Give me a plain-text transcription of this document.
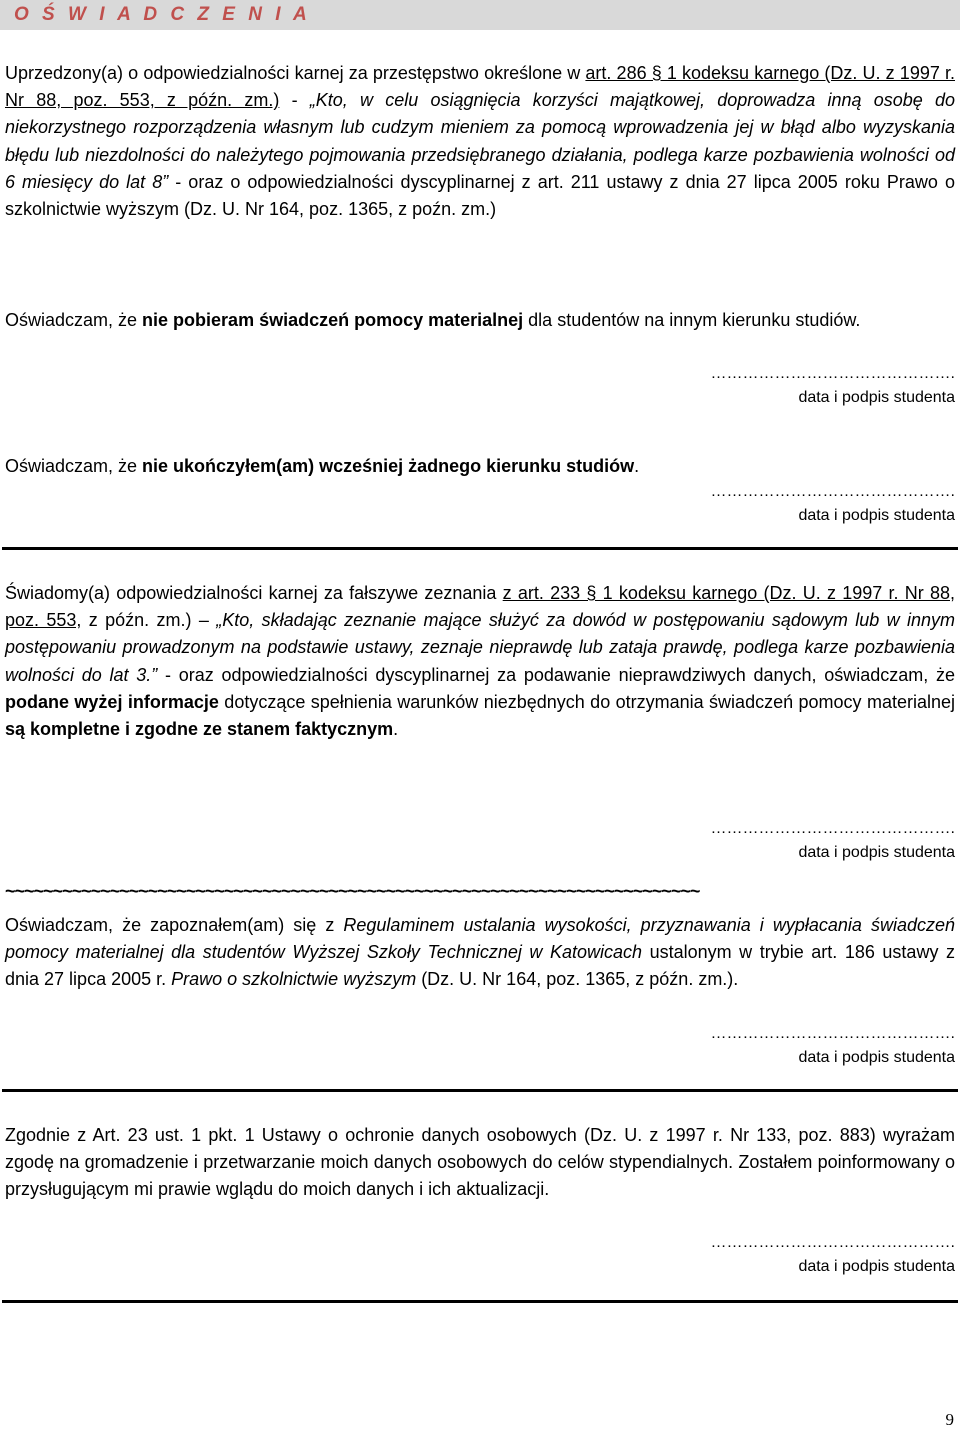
O Ś W I A D C Z E N I A

Uprzedzony(a) o odpowiedzialności karnej za przestępstwo określone w art. 286 § 1 kodeksu karnego (Dz. U. z 1997 r. Nr 88, poz. 553, z późn. zm.) - „Kto, w celu osiągnięcia korzyści majątkowej, doprowadza inną osobę do niekorzystnego rozporządzenia własnym lub cudzym mieniem za pomocą wprowadzenia jej w błąd albo wyzyskania błędu lub niezdolności do należytego pojmowania przedsiębranego działania, podlega karze pozbawienia wolności od 6 miesięcy do lat 8” - oraz o odpowiedzialności dyscyplinarnej z art. 211 ustawy z dnia 27 lipca 2005 roku Prawo o szkolnictwie wyższym (Dz. U. Nr 164, poz. 1365, z poźn. zm.)

Oświadczam, że nie pobieram świadczeń pomocy materialnej dla studentów na innym kierunku studiów.

……………………………………….
data i podpis studenta

Oświadczam, że nie ukończyłem(am) wcześniej żadnego kierunku studiów.

……………………………………….
data i podpis studenta

Świadomy(a) odpowiedzialności karnej za fałszywe zeznania z art. 233 § 1 kodeksu karnego (Dz. U. z 1997 r. Nr 88, poz. 553, z późn. zm.) – „Kto, składając zeznanie mające służyć za dowód w postępowaniu sądowym lub w innym postępowaniu prowadzonym na podstawie ustawy, zeznaje nieprawdę lub zataja prawdę, podlega karze pozbawienia wolności do lat 3.” - oraz odpowiedzialności dyscyplinarnej za podawanie nieprawdziwych danych, oświadczam, że podane wyżej informacje dotyczące spełnienia warunków niezbędnych do otrzymania świadczeń pomocy materialnej są kompletne i zgodne ze stanem faktycznym.

……………………………………….
data i podpis studenta
~~~~~~~~~~~~~~~~~~~~~~~~~~~~~~~~~~~~~~~~~~~~~~~~~~~~~~~~~~~~~~~~~~~~~~~~~

Oświadczam, że zapoznałem(am) się z Regulaminem ustalania wysokości, przyznawania i wypłacania świadczeń pomocy materialnej dla studentów Wyższej Szkoły Technicznej w Katowicach ustalonym w trybie art. 186 ustawy z dnia 27 lipca 2005 r. Prawo o szkolnictwie wyższym (Dz. U. Nr 164, poz. 1365, z późn. zm.).

……………………………………….
data i podpis studenta

Zgodnie z Art. 23 ust. 1 pkt. 1 Ustawy o ochronie danych osobowych (Dz. U. z 1997 r. Nr 133, poz. 883) wyrażam zgodę na gromadzenie i przetwarzanie moich danych osobowych do celów stypendialnych. Zostałem poinformowany o przysługującym mi prawie wglądu do moich danych i ich aktualizacji.

……………………………………….
data i podpis studenta
9
